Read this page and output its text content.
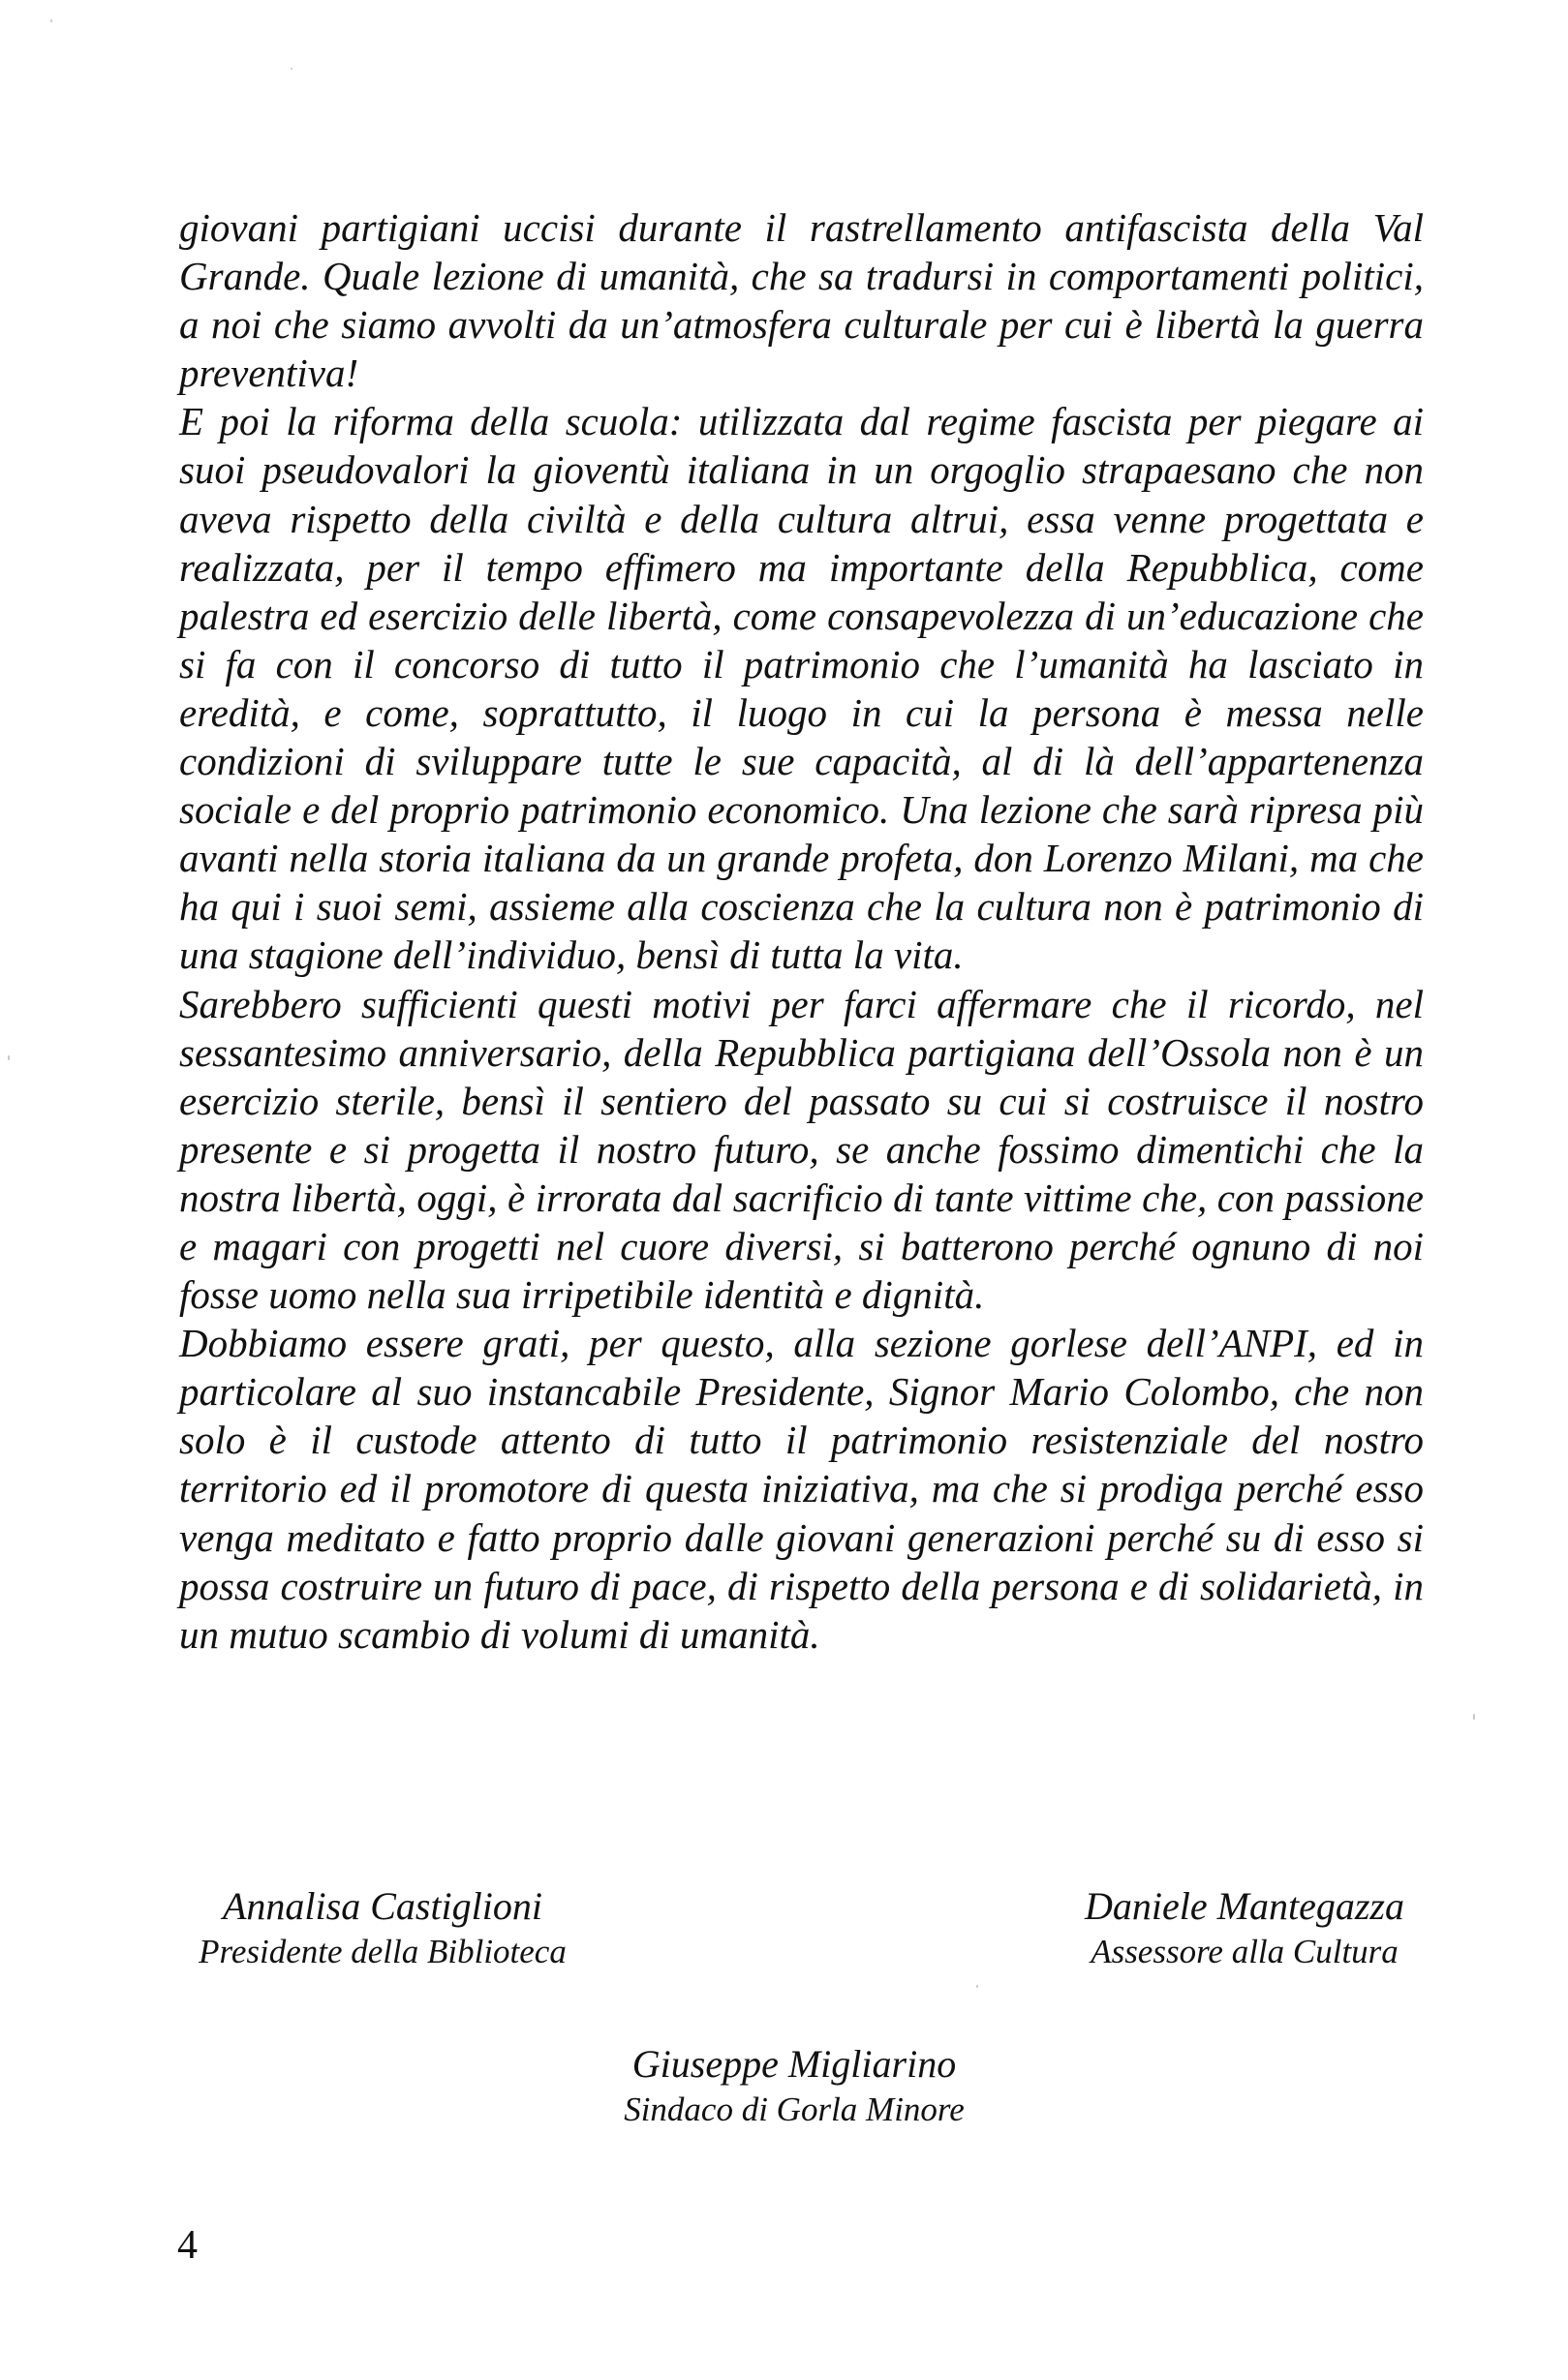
giovani partigiani uccisi durante il rastrellamento antifascista della Val Grande. Quale lezione di umanità, che sa tradursi in comportamenti politici, a noi che siamo avvolti da un’atmosfera culturale per cui è libertà la guerra preventiva!

E poi la riforma della scuola: utilizzata dal regime fascista per piegare ai suoi pseudovalori la gioventù italiana in un orgoglio strapaesano che non aveva rispetto della civiltà e della cultura altrui, essa venne progettata e realizzata, per il tempo effimero ma importante della Repubblica, come palestra ed esercizio delle libertà, come consapevolezza di un’educazione che si fa con il concorso di tutto il patrimonio che l’umanità ha lasciato in eredità, e come, soprattutto, il luogo in cui la persona è messa nelle condizioni di sviluppare tutte le sue capacità, al di là dell’appartenenza sociale e del proprio patrimonio economico. Una lezione che sarà ripresa più avanti nella storia italiana da un grande profeta, don Lorenzo Milani, ma che ha qui i suoi semi, assieme alla coscienza che la cultura non è patrimonio di una stagione dell’individuo, bensì di tutta la vita.

Sarebbero sufficienti questi motivi per farci affermare che il ricordo, nel sessantesimo anniversario, della Repubblica partigiana dell’Ossola non è un esercizio sterile, bensì il sentiero del passato su cui si costruisce il nostro presente e si progetta il nostro futuro, se anche fossimo dimentichi che la nostra libertà, oggi, è irrorata dal sacrificio di tante vittime che, con passione e magari con progetti nel cuore diversi, si batterono perché ognuno di noi fosse uomo nella sua irripetibile identità e dignità.

Dobbiamo essere grati, per questo, alla sezione gorlese dell’ANPI, ed in particolare al suo instancabile Presidente, Signor Mario Colombo, che non solo è il custode attento di tutto il patrimonio resistenziale del nostro territorio ed il promotore di questa iniziativa, ma che si prodiga perché esso venga meditato e fatto proprio dalle giovani generazioni perché su di esso si possa costruire un futuro di pace, di rispetto della persona e di solidarietà, in un mutuo scambio di volumi di umanità.

Annalisa Castiglioni
Presidente della Biblioteca
Daniele Mantegazza
Assessore alla Cultura
Giuseppe Migliarino
Sindaco di Gorla Minore
4
